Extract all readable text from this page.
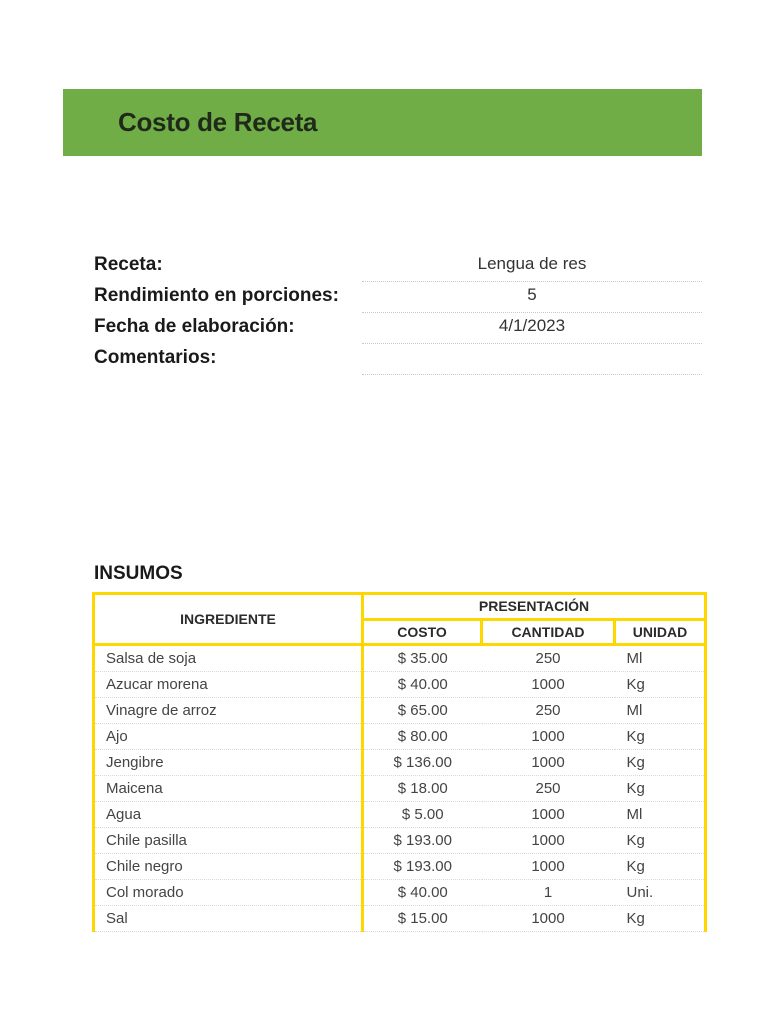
Costo de Receta
Receta:	Lengua de res
Rendimiento en porciones:	5
Fecha de elaboración:	4/1/2023
Comentarios:
INSUMOS
INGREDIENTE	PRESENTACIÓN		
	COSTO	CANTIDAD	UNIDAD
Salsa de soja	$ 35.00	250	Ml
Azucar morena	$ 40.00	1000	Kg
Vinagre de arroz	$ 65.00	250	Ml
Ajo	$ 80.00	1000	Kg
Jengibre	$ 136.00	1000	Kg
Maicena	$ 18.00	250	Kg
Agua	$ 5.00	1000	Ml
Chile pasilla	$ 193.00	1000	Kg
Chile negro	$ 193.00	1000	Kg
Col morado	$ 40.00	1	Uni.
Sal	$ 15.00	1000	Kg
